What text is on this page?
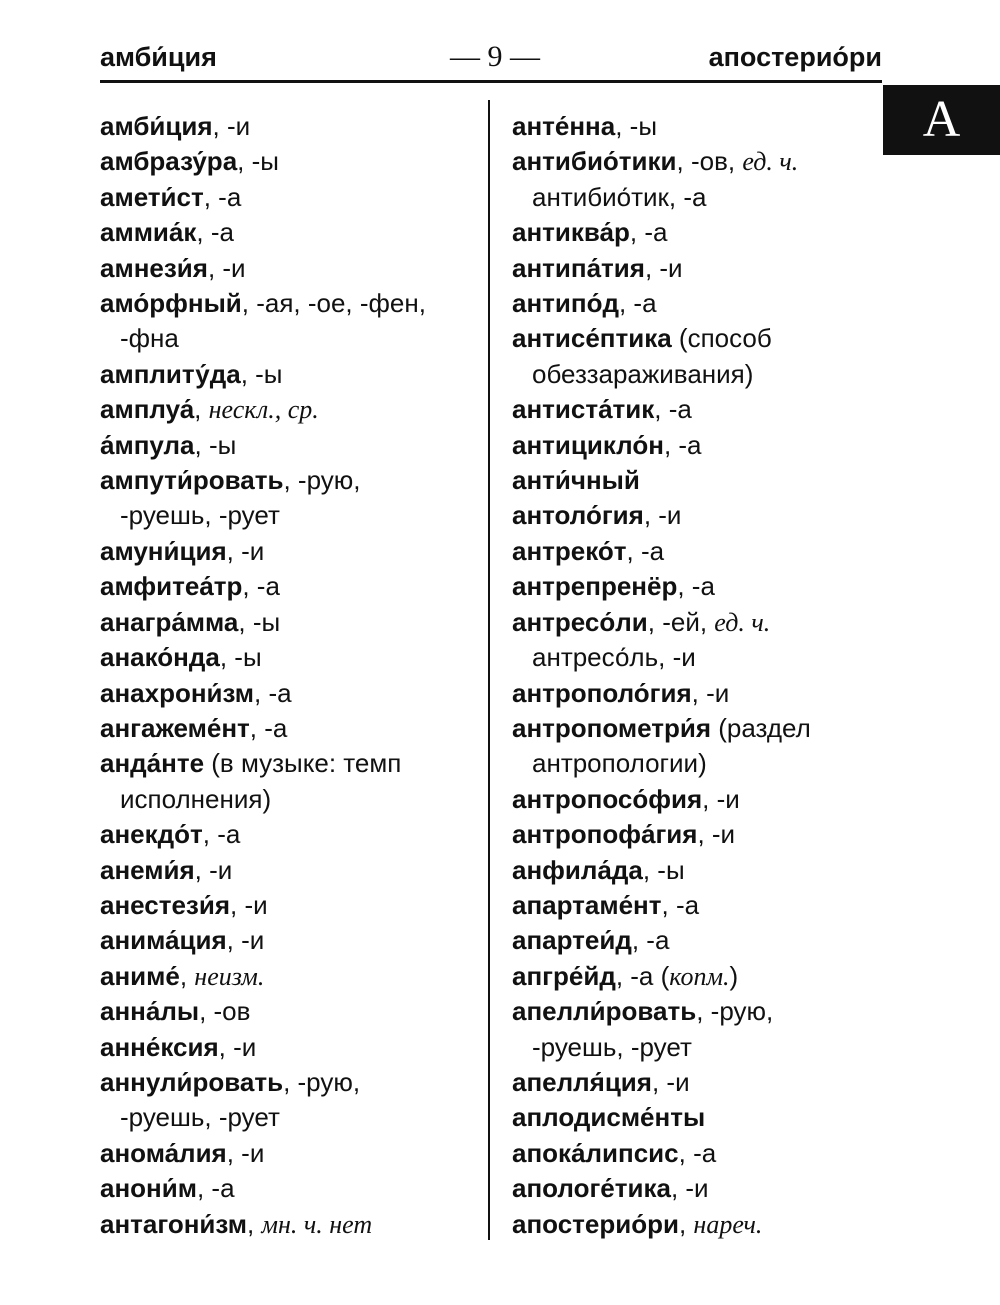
амби́ция	— 9 —	апостерио́ри
А
амби́ция, -и
амбразу́ра, -ы
амети́ст, -а
аммиа́к, -а
амнези́я, -и
амо́рфный, -ая, -ое, -фен,
-фна
амплиту́да, -ы
амплуа́, нескл., ср.
а́мпула, -ы
ампути́ровать, -рую,
-руешь, -рует
амуни́ция, -и
амфитеа́тр, -а
анагра́мма, -ы
анако́нда, -ы
анахрони́зм, -а
ангажеме́нт, -а
анда́нте (в музыке: темп
исполнения)
анекдо́т, -а
анеми́я, -и
анестези́я, -и
анима́ция, -и
аниме́, неизм.
анна́лы, -ов
анне́ксия, -и
аннули́ровать, -рую,
-руешь, -рует
анома́лия, -и
анони́м, -а
антагони́зм, мн. ч. нет
анте́нна, -ы
антибио́тики, -ов, ед. ч.
антибио́тик, -а
антиква́р, -а
антипа́тия, -и
антипо́д, -а
антисе́птика (способ
обеззараживания)
антиста́тик, -а
антицикло́н, -а
анти́чный
антоло́гия, -и
антреко́т, -а
антрепренёр, -а
антресо́ли, -ей, ед. ч.
антресо́ль, -и
антрополо́гия, -и
антропометри́я (раздел
антропологии)
антропосо́фия, -и
антропофа́гия, -и
анфила́да, -ы
апартаме́нт, -а
апартеи́д, -а
апгре́йд, -а (копм.)
апелли́ровать, -рую,
-руешь, -рует
апелля́ция, -и
аплодисме́нты
апока́липсис, -а
апологе́тика, -и
апостерио́ри, нареч.
